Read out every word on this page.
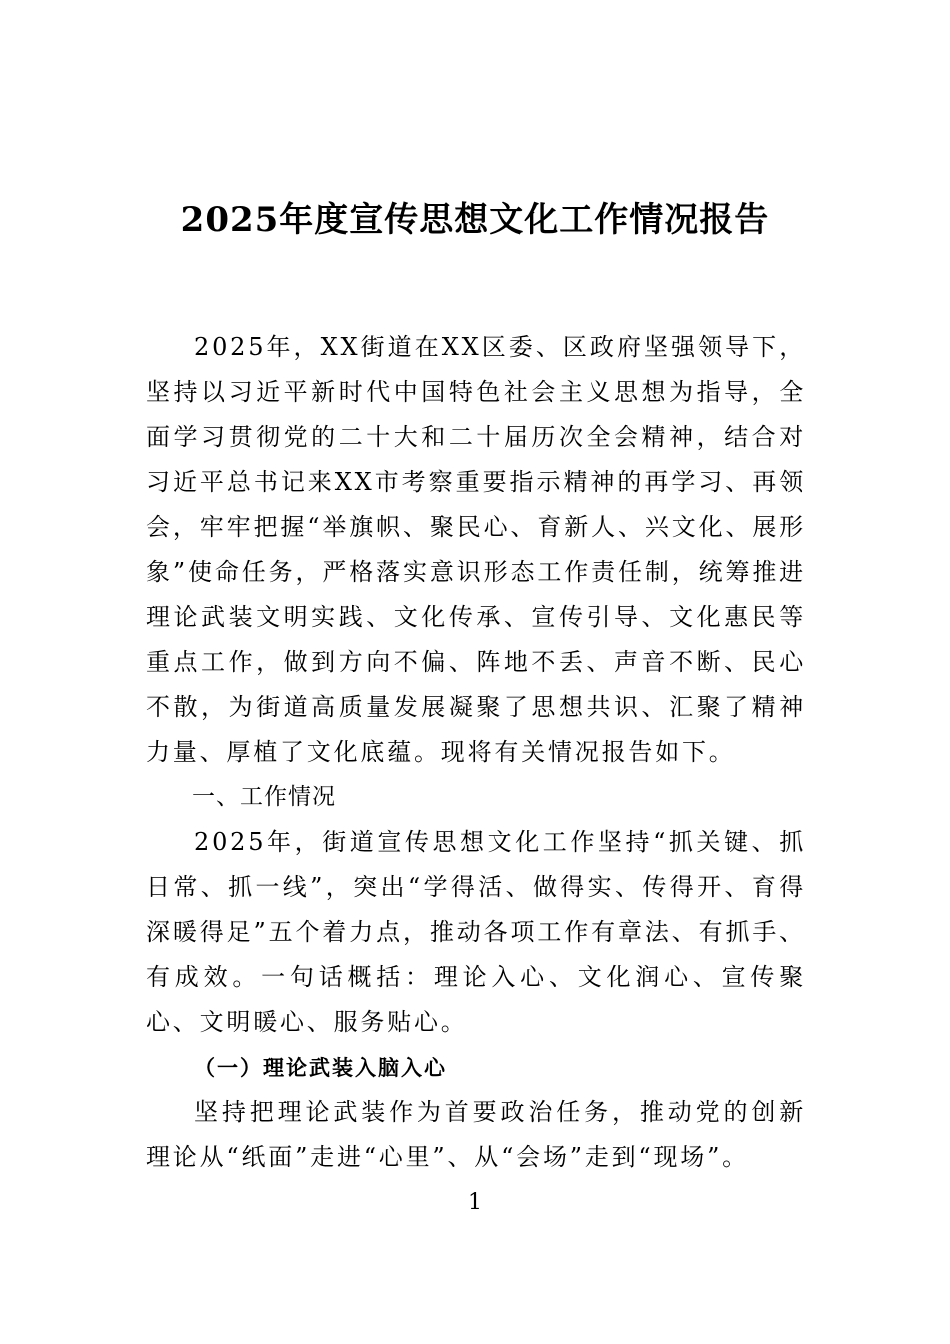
2025年度宣传思想文化工作情况报告

2025年，XX街道在XX区委、区政府坚强领导下，坚持以习近平新时代中国特色社会主义思想为指导，全面学习贯彻党的二十大和二十届历次全会精神，结合对习近平总书记来XX市考察重要指示精神的再学习、再领会，牢牢把握“举旗帜、聚民心、育新人、兴文化、展形象”使命任务，严格落实意识形态工作责任制，统筹推进理论武装文明实践、文化传承、宣传引导、文化惠民等重点工作，做到方向不偏、阵地不丢、声音不断、民心不散，为街道高质量发展凝聚了思想共识、汇聚了精神力量、厚植了文化底蕴。现将有关情况报告如下。

一、工作情况

2025年，街道宣传思想文化工作坚持“抓关键、抓日常、抓一线”，突出“学得活、做得实、传得开、育得深暖得足”五个着力点，推动各项工作有章法、有抓手、有成效。一句话概括：理论入心、文化润心、宣传聚心、文明暖心、服务贴心。

（一）理论武装入脑入心

坚持把理论武装作为首要政治任务，推动党的创新理论从“纸面”走进“心里”、从“会场”走到“现场”。

1
